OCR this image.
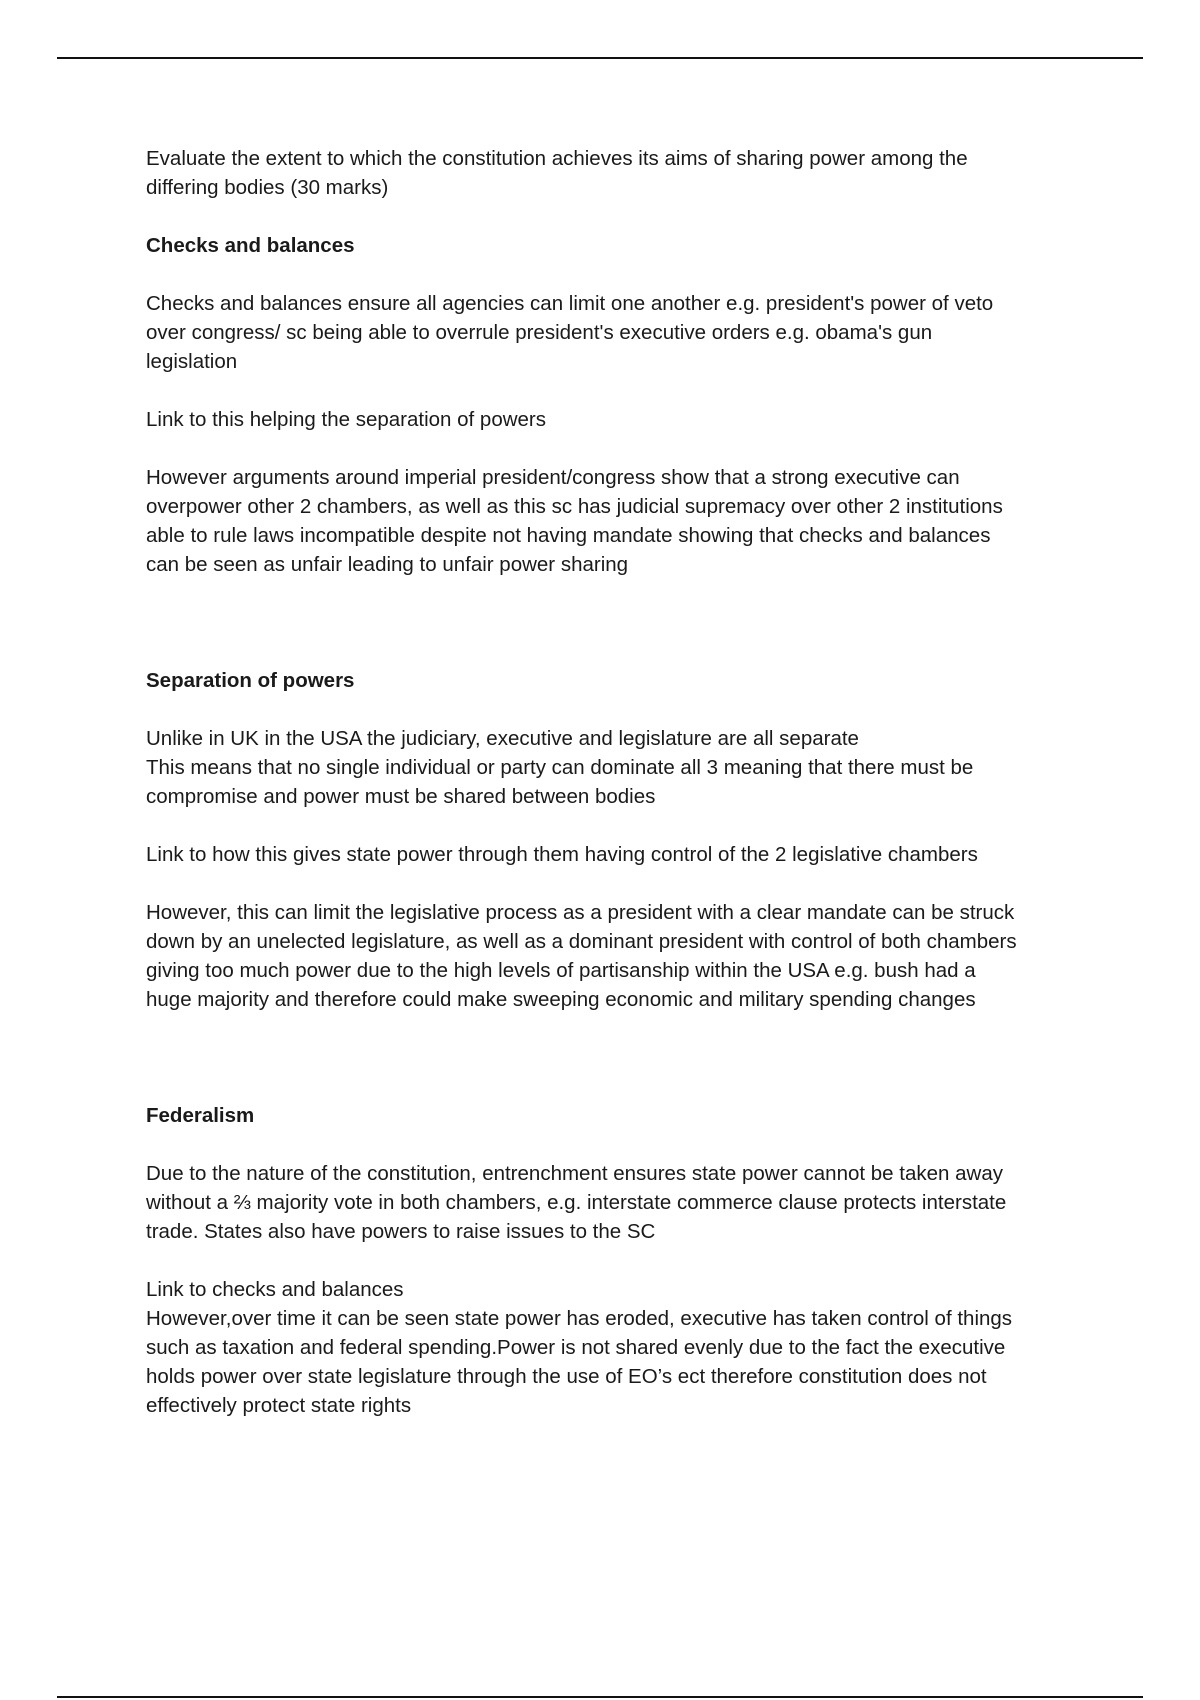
Evaluate the extent to which the constitution achieves its aims of sharing power among the
differing bodies (30 marks)

Checks and balances

Checks and balances ensure all agencies can limit one another e.g. president's power of veto
over congress/ sc being able to overrule president's executive orders e.g. obama's gun
legislation

Link to this helping the separation of powers

However arguments around imperial president/congress show that a strong executive can
overpower other 2 chambers, as well as this sc has judicial supremacy over other 2 institutions
able to rule laws incompatible despite not having mandate showing that checks and balances
can be seen as unfair leading to unfair power sharing

Separation of powers

Unlike in UK in the USA the judiciary, executive and legislature are all separate
This means that no single individual or party can dominate all 3 meaning that there must be
compromise and power must be shared between bodies

Link to how this gives state power through them having control of the 2 legislative chambers

However, this can limit the legislative process as a president with a clear mandate can be struck
down by an unelected legislature, as well as a dominant president with control of both chambers
giving too much power due to the high levels of partisanship within the USA e.g. bush had a
huge majority and therefore could make sweeping economic and military spending changes

Federalism

Due to the nature of the constitution, entrenchment ensures state power cannot be taken away
without a ⅔ majority vote in both chambers, e.g. interstate commerce clause protects interstate
trade. States also have powers to raise issues to the SC

Link to checks and balances
However,over time it can be seen state power has eroded, executive has taken control of things
such as taxation and federal spending.Power is not shared evenly due to the fact the executive
holds power over state legislature through the use of EO’s ect therefore constitution does not
effectively protect state rights
